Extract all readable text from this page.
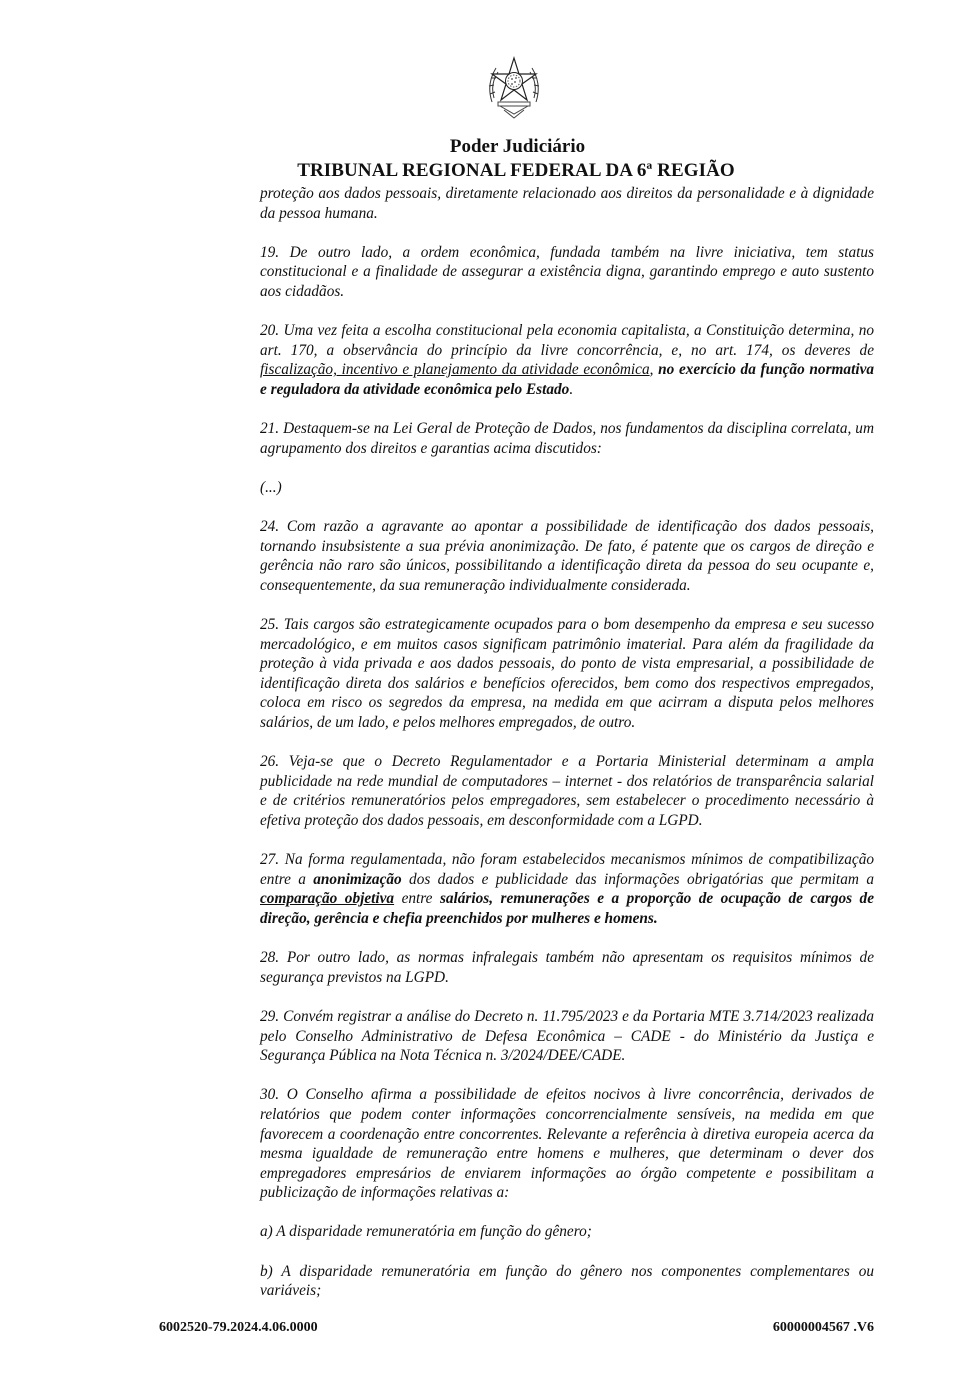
Poder Judiciário
TRIBUNAL REGIONAL FEDERAL DA 6ª REGIÃO

proteção aos dados pessoais, diretamente relacionado aos direitos da personalidade e à dignidade da pessoa humana.

19. De outro lado, a ordem econômica, fundada também na livre iniciativa, tem status constitucional e a finalidade de assegurar a existência digna, garantindo emprego e auto sustento aos cidadãos.

20. Uma vez feita a escolha constitucional pela economia capitalista, a Constituição determina, no art. 170, a observância do princípio da livre concorrência, e, no art. 174, os deveres de fiscalização, incentivo e planejamento da atividade econômica, no exercício da função normativa e reguladora da atividade econômica pelo Estado.

21. Destaquem-se na Lei Geral de Proteção de Dados, nos fundamentos da disciplina correlata, um agrupamento dos direitos e garantias acima discutidos:

(...)

24. Com razão a agravante ao apontar a possibilidade de identificação dos dados pessoais, tornando insubsistente a sua prévia anonimização. De fato, é patente que os cargos de direção e gerência não raro são únicos, possibilitando a identificação direta da pessoa do seu ocupante e, consequentemente, da sua remuneração individualmente considerada.

25. Tais cargos são estrategicamente ocupados para o bom desempenho da empresa e seu sucesso mercadológico, e em muitos casos significam patrimônio imaterial. Para além da fragilidade da proteção à vida privada e aos dados pessoais, do ponto de vista empresarial, a possibilidade de identificação direta dos salários e benefícios oferecidos, bem como dos respectivos empregados, coloca em risco os segredos da empresa, na medida em que acirram a disputa pelos melhores salários, de um lado, e pelos melhores empregados, de outro.

26. Veja-se que o Decreto Regulamentador e a Portaria Ministerial determinam a ampla publicidade na rede mundial de computadores – internet - dos relatórios de transparência salarial e de critérios remuneratórios pelos empregadores, sem estabelecer o procedimento necessário à efetiva proteção dos dados pessoais, em desconformidade com a LGPD.

27. Na forma regulamentada, não foram estabelecidos mecanismos mínimos de compatibilização entre a anonimização dos dados e publicidade das informações obrigatórias que permitam a comparação objetiva entre salários, remunerações e a proporção de ocupação de cargos de direção, gerência e chefia preenchidos por mulheres e homens.

28. Por outro lado, as normas infralegais também não apresentam os requisitos mínimos de segurança previstos na LGPD.

29. Convém registrar a análise do Decreto n. 11.795/2023 e da Portaria MTE 3.714/2023 realizada pelo Conselho Administrativo de Defesa Econômica – CADE - do Ministério da Justiça e Segurança Pública na Nota Técnica n. 3/2024/DEE/CADE.

30. O Conselho afirma a possibilidade de efeitos nocivos à livre concorrência, derivados de relatórios que podem conter informações concorrencialmente sensíveis, na medida em que favorecem a coordenação entre concorrentes. Relevante a referência à diretiva europeia acerca da mesma igualdade de remuneração entre homens e mulheres, que determinam o dever dos empregadores empresários de enviarem informações ao órgão competente e possibilitam a publicização de informações relativas a:

a) A disparidade remuneratória em função do gênero;

b) A disparidade remuneratória em função do gênero nos componentes complementares ou variáveis;

6002520-79.2024.4.06.0000	60000004567 .V6
